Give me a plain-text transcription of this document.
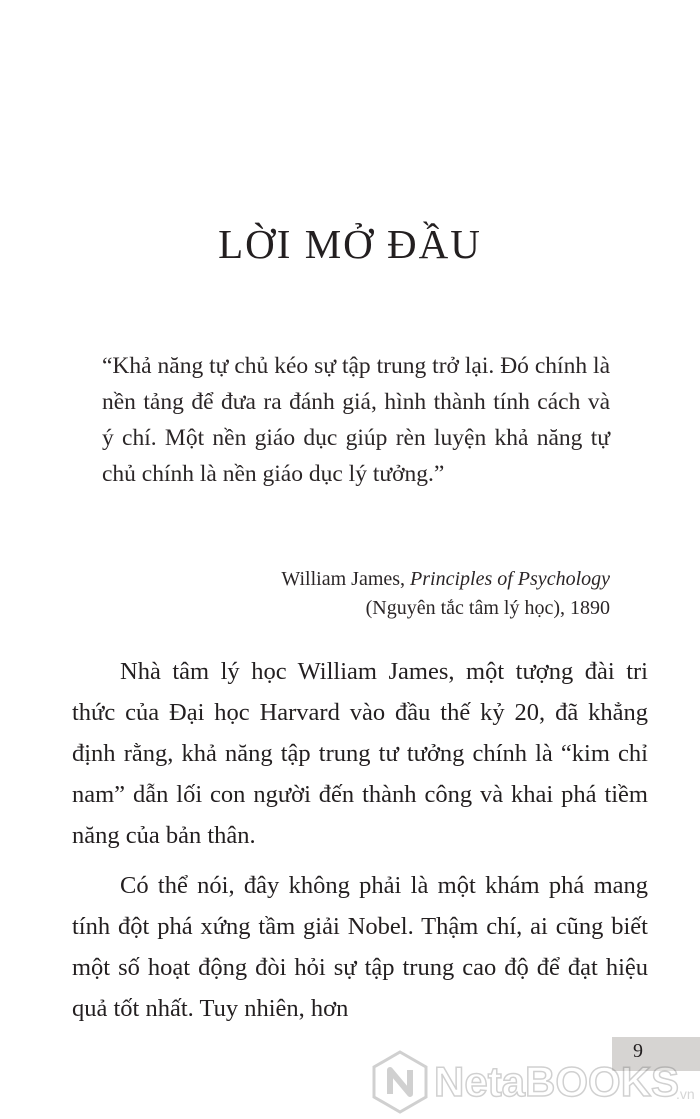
LỜI MỞ ĐẦU
“Khả năng tự chủ kéo sự tập trung trở lại. Đó chính là nền tảng để đưa ra đánh giá, hình thành tính cách và ý chí. Một nền giáo dục giúp rèn luyện khả năng tự chủ chính là nền giáo dục lý tưởng.”
William James, Principles of Psychology
(Nguyên tắc tâm lý học), 1890

Nhà tâm lý học William James, một tượng đài tri thức của Đại học Harvard vào đầu thế kỷ 20, đã khẳng định rằng, khả năng tập trung tư tưởng chính là “kim chỉ nam” dẫn lối con người đến thành công và khai phá tiềm năng của bản thân.

Có thể nói, đây không phải là một khám phá mang tính đột phá xứng tầm giải Nobel. Thậm chí, ai cũng biết một số hoạt động đòi hỏi sự tập trung cao độ để đạt hiệu quả tốt nhất. Tuy nhiên, hơn

9
NetaBOOKS
.vn
